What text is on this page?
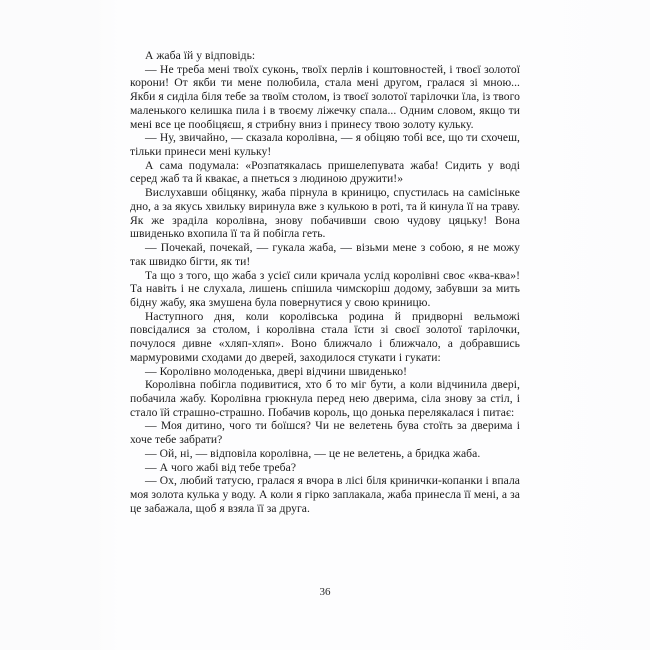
А жаба їй у відповідь:

— Не треба мені твоїх суконь, твоїх перлів і коштовностей, і твоєї золотої корони! От якби ти мене полюбила, стала мені другом, гралася зі мною... Якби я сиділа біля тебе за твоїм столом, із твоєї золотої тарілочки їла, із твого маленького келишка пила і в твоєму ліжечку спала... Одним словом, якщо ти мені все це пообіцяєш, я стрибну вниз і принесу твою золоту кульку.

— Ну, звичайно, — сказала королівна, — я обіцяю тобі все, що ти схочеш, тільки принеси мені кульку!

А сама подумала: «Розпатякалась пришелепувата жаба! Сидить у воді серед жаб та й квакає, а пнеться з людиною дружити!»

Вислухавши обіцянку, жаба пірнула в криницю, спустилась на самісіньке дно, а за якусь хвильку виринула вже з кулькою в роті, та й кинула її на траву. Як же зраділа королівна, знову побачивши свою чудову цяцьку! Вона швиденько вхопила її та й побігла геть.

— Почекай, почекай, — гукала жаба, — візьми мене з собою, я не можу так швидко бігти, як ти!

Та що з того, що жаба з усієї сили кричала услід королівні своє «ква-ква»! Та навіть і не слухала, лишень спішила чимскоріш додому, забувши за мить бідну жабу, яка змушена була повернутися у свою криницю.

Наступного дня, коли королівська родина й придворні вельможі повсідалися за столом, і королівна стала їсти зі своєї золотої тарілочки, почулося дивне «хляп-хляп». Воно ближчало і ближчало, а добравшись мармуровими сходами до дверей, заходилося стукати і гукати:

— Королівно молоденька, двері відчини швиденько!

Королівна побігла подивитися, хто б то міг бути, а коли відчинила двері, побачила жабу. Королівна грюкнула перед нею дверима, сіла знову за стіл, і стало їй страшно-страшно. Побачив король, що донька перелякалася і питає:

— Моя дитино, чого ти боїшся? Чи не велетень бува стоїть за дверима і хоче тебе забрати?

— Ой, ні, — відповіла королівна, — це не велетень, а бридка жаба.

— А чого жабі від тебе треба?

— Ох, любий татусю, гралася я вчора в лісі біля кринички-копанки і впала моя золота кулька у воду. А коли я гірко заплакала, жаба принесла її мені, а за це забажала, щоб я взяла її за друга.

36
